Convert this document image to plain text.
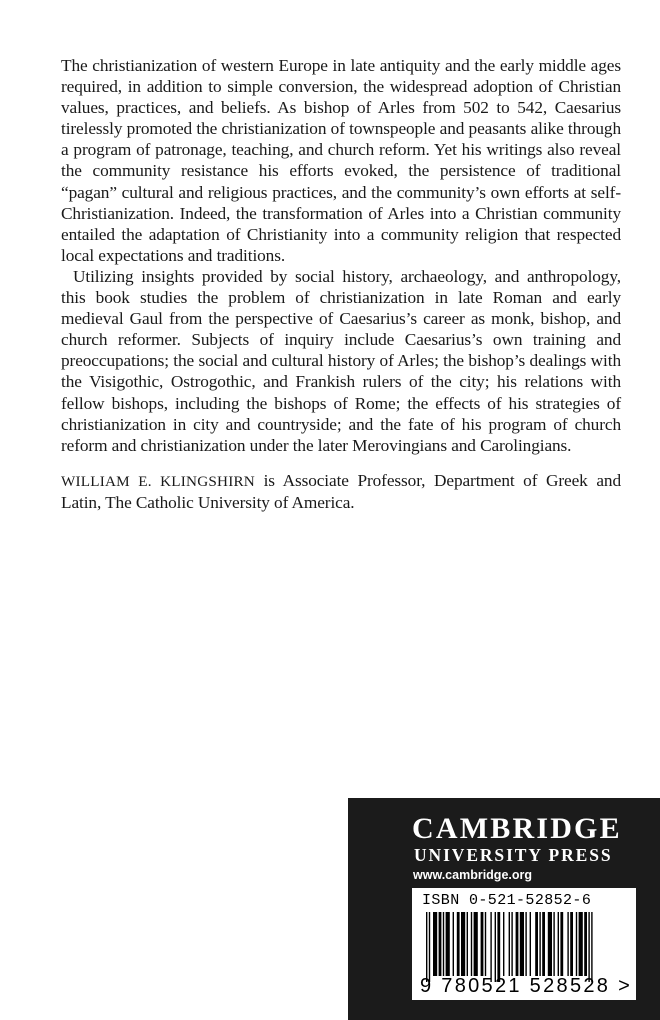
The christianization of western Europe in late antiquity and the early middle ages required, in addition to simple conversion, the widespread adoption of Christian values, practices, and beliefs. As bishop of Arles from 502 to 542, Caesarius tirelessly promoted the christianization of townspeople and peasants alike through a program of patronage, teaching, and church reform. Yet his writings also reveal the community resistance his efforts evoked, the persistence of traditional “pagan” cultural and religious practices, and the community’s own efforts at self-Christianization. Indeed, the transformation of Arles into a Christian community entailed the adaptation of Christianity into a community religion that respected local expectations and traditions.

Utilizing insights provided by social history, archaeology, and anthropology, this book studies the problem of christianization in late Roman and early medieval Gaul from the perspective of Caesarius’s career as monk, bishop, and church reformer. Subjects of inquiry include Caesarius’s own training and preoccupations; the social and cultural history of Arles; the bishop’s dealings with the Visigothic, Ostrogothic, and Frankish rulers of the city; his relations with fellow bishops, including the bishops of Rome; the effects of his strategies of christianization in city and countryside; and the fate of his program of church reform and christianization under the later Merovingians and Carolingians.

WILLIAM E. KLINGSHIRN is Associate Professor, Department of Greek and Latin, The Catholic University of America.

CAMBRIDGE
UNIVERSITY PRESS
www.cambridge.org
ISBN 0-521-52852-6
9 780521 528528 >
